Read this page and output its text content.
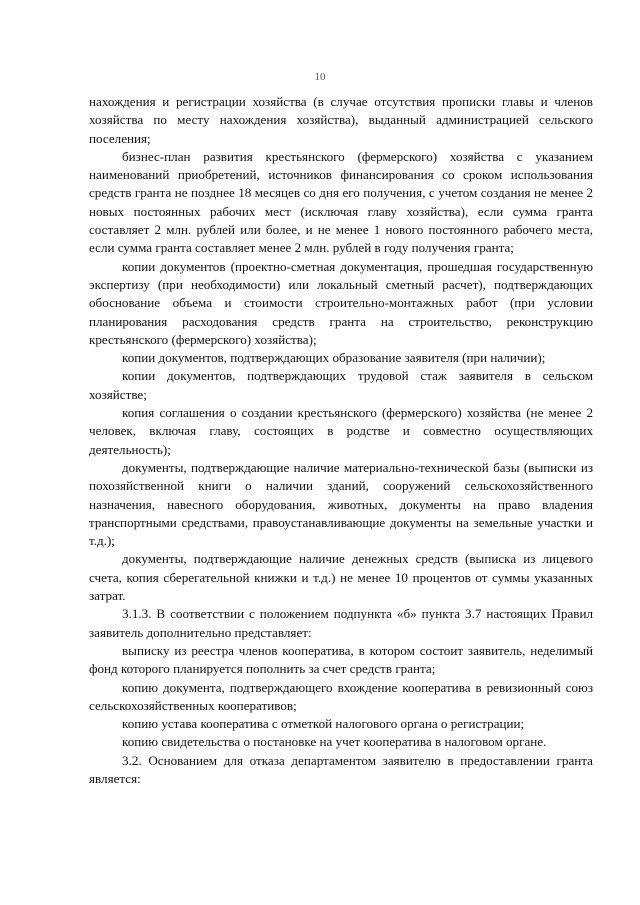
10

нахождения и регистрации хозяйства (в случае отсутствия прописки главы и членов хозяйства по месту нахождения хозяйства), выданный администрацией сельского поселения;

бизнес-план развития крестьянского (фермерского) хозяйства с указанием наименований приобретений, источников финансирования со сроком использования средств гранта не позднее 18 месяцев со дня его получения, с учетом создания не менее 2 новых постоянных рабочих мест (исключая главу хозяйства), если сумма гранта составляет 2 млн. рублей или более, и не менее 1 нового постоянного рабочего места, если сумма гранта составляет менее 2 млн. рублей в году получения гранта;

копии документов (проектно-сметная документация, прошедшая государственную экспертизу (при необходимости) или локальный сметный расчет), подтверждающих обоснование объема и стоимости строительно-монтажных работ (при условии планирования расходования средств гранта на строительство, реконструкцию крестьянского (фермерского) хозяйства);

копии документов, подтверждающих образование заявителя (при наличии);

копии документов, подтверждающих трудовой стаж заявителя в сельском хозяйстве;

копия соглашения о создании крестьянского (фермерского) хозяйства (не менее 2 человек, включая главу, состоящих в родстве и совместно осуществляющих деятельность);

документы, подтверждающие наличие материально-технической базы (выписки из похозяйственной книги о наличии зданий, сооружений сельскохозяйственного назначения, навесного оборудования, животных, документы на право владения транспортными средствами, правоустанавливающие документы на земельные участки и т.д.);

документы, подтверждающие наличие денежных средств (выписка из лицевого счета, копия сберегательной книжки и т.д.) не менее 10 процентов от суммы указанных затрат.

3.1.3. В соответствии с положением подпункта «б» пункта 3.7 настоящих Правил заявитель дополнительно представляет:

выписку из реестра членов кооператива, в котором состоит заявитель, неделимый фонд которого планируется пополнить за счет средств гранта;

копию документа, подтверждающего вхождение кооператива в ревизионный союз сельскохозяйственных кооперативов;

копию устава кооператива с отметкой налогового органа о регистрации;

копию свидетельства о постановке на учет кооператива в налоговом органе.

3.2. Основанием для отказа департаментом заявителю в предоставлении гранта является:
